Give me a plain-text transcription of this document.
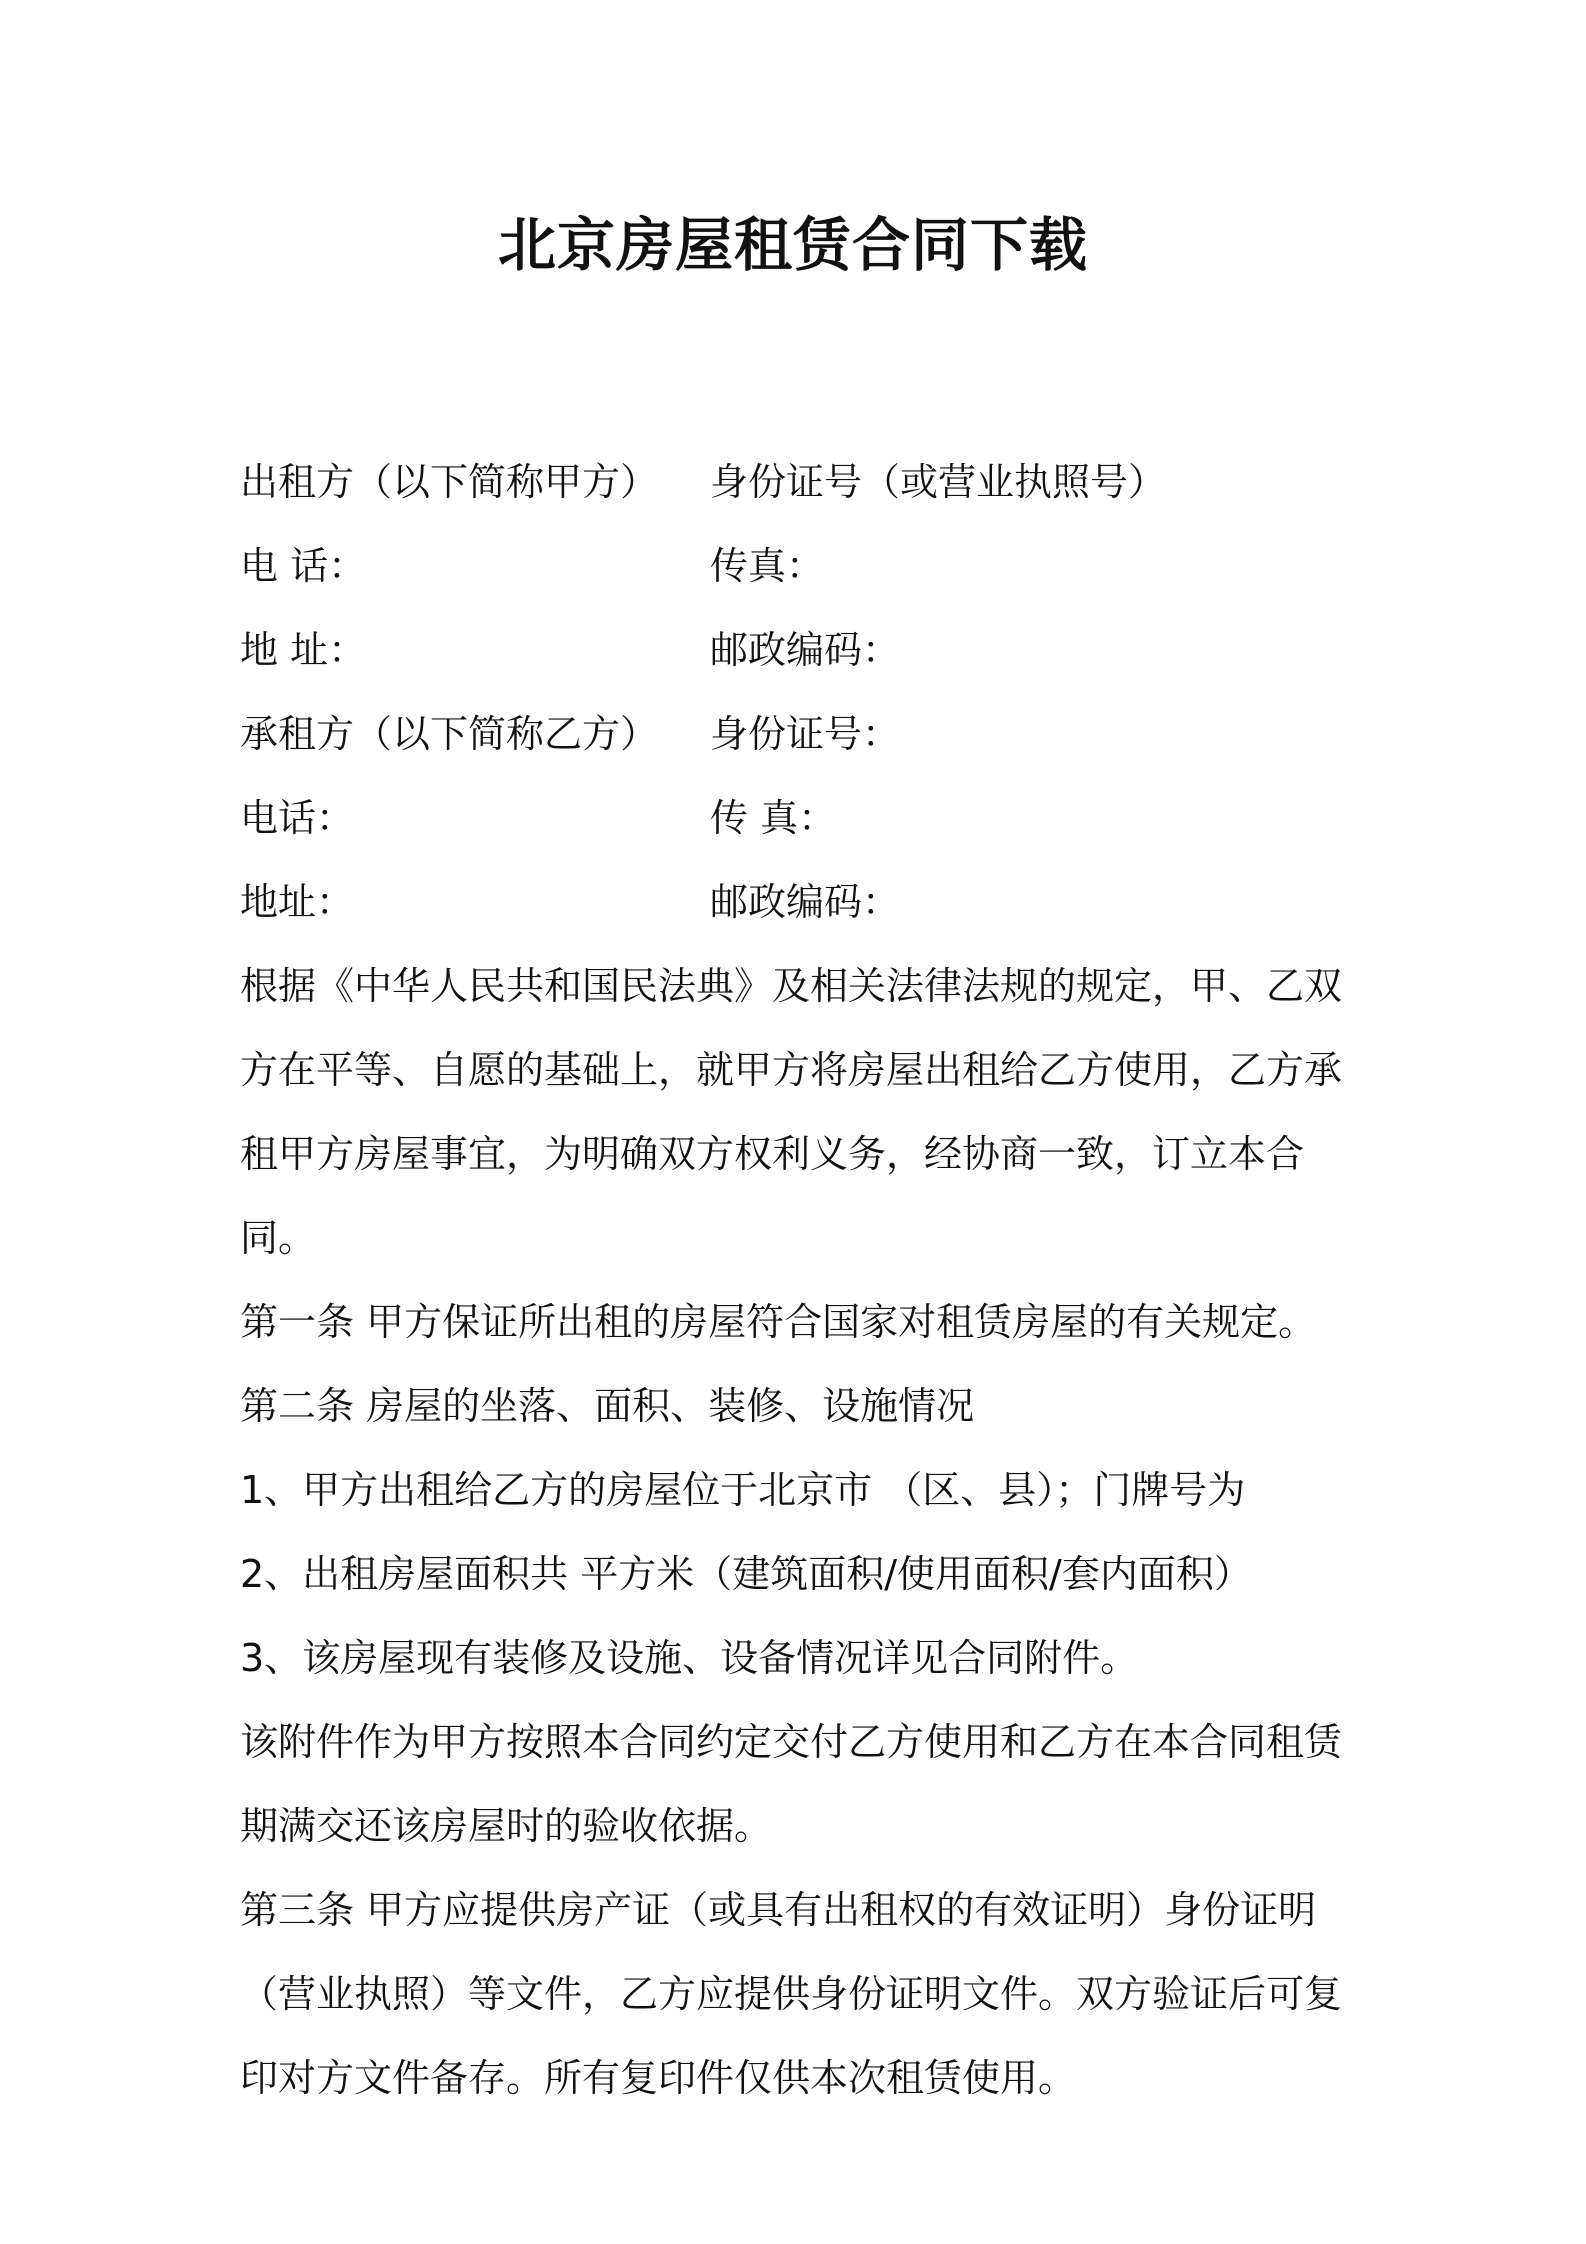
北京房屋租赁合同下载
出租方（以下简称甲方）	身份证号（或营业执照号）
电 话：	传真：
地 址：	邮政编码：
承租方（以下简称乙方）	身份证号：
电话：	传 真：
地址：	邮政编码：

根据《中华人民共和国民法典》及相关法律法规的规定，甲、乙双方在平等、自愿的基础上，就甲方将房屋出租给乙方使用，乙方承租甲方房屋事宜，为明确双方权利义务，经协商一致，订立本合同。

第一条 甲方保证所出租的房屋符合国家对租赁房屋的有关规定。

第二条 房屋的坐落、面积、装修、设施情况

1、甲方出租给乙方的房屋位于北京市 （区、县）；门牌号为

2、出租房屋面积共 平方米（建筑面积/使用面积/套内面积）

3、该房屋现有装修及设施、设备情况详见合同附件。

该附件作为甲方按照本合同约定交付乙方使用和乙方在本合同租赁期满交还该房屋时的验收依据。

第三条 甲方应提供房产证（或具有出租权的有效证明）身份证明（营业执照）等文件，乙方应提供身份证明文件。双方验证后可复印对方文件备存。所有复印件仅供本次租赁使用。
